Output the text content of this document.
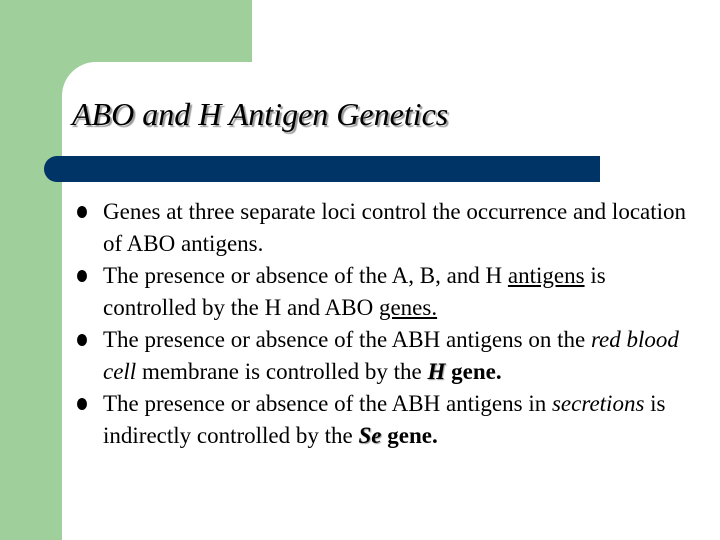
ABO and H Antigen Genetics
Genes at three separate loci control the occurrence and location of ABO antigens.
The presence or absence of the A, B, and H antigens is controlled by the H and ABO genes.
The presence or absence of the ABH antigens on the red blood cell membrane is controlled by the H gene.
The presence or absence of the ABH antigens in secretions is indirectly controlled by the Se gene.
